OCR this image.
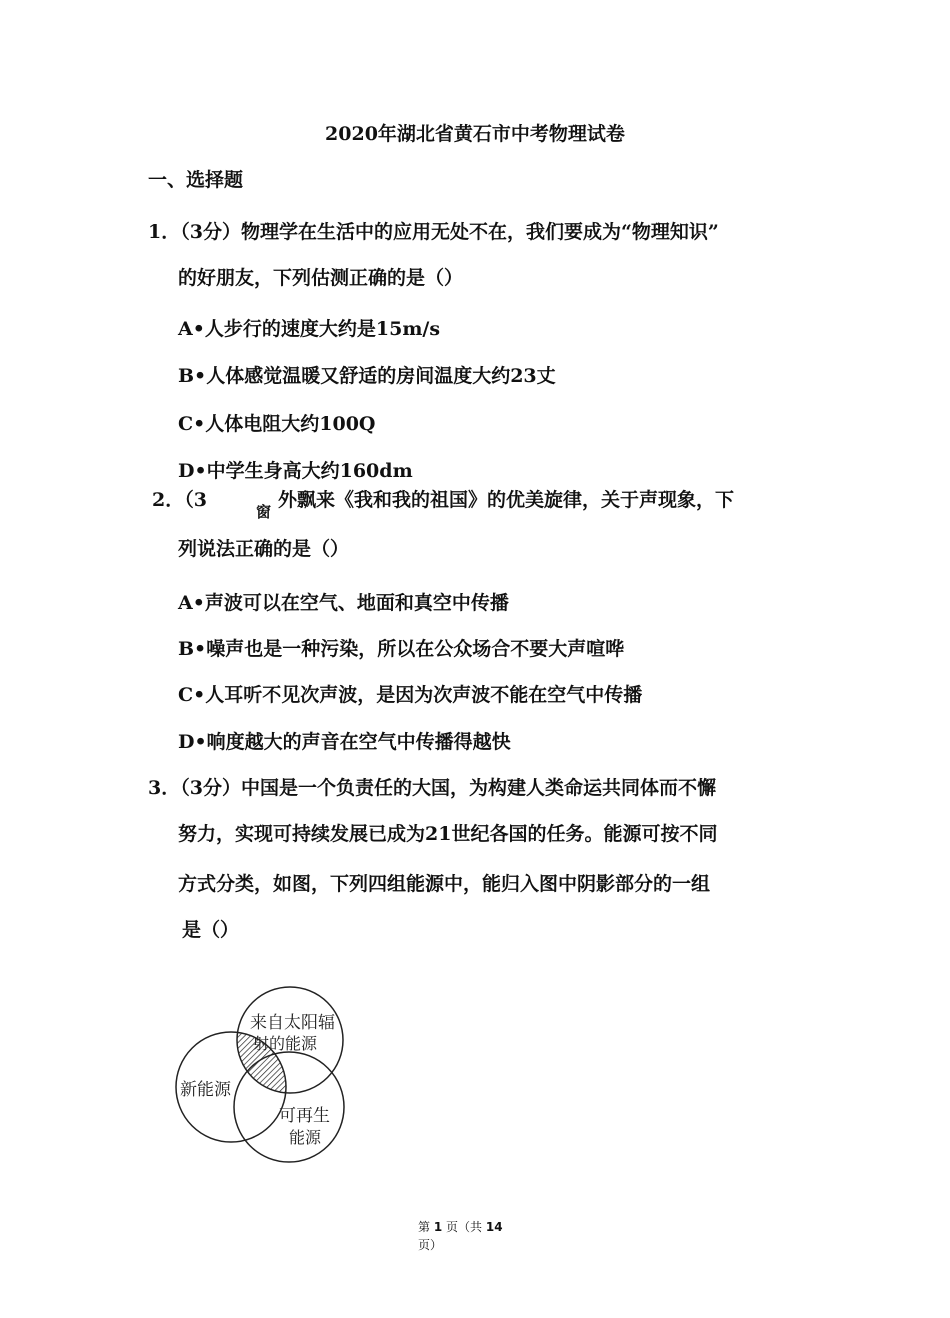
2020年湖北省黄石市中考物理试卷
一、选择题
1．（3分）物理学在生活中的应用无处不在，我们要成为“物理知识”
的好朋友，下列估测正确的是（）
A•人步行的速度大约是15m/s
B•人体感觉温暖又舒适的房间温度大约23丈
C•人体电阻大约100Q
D•中学生身高大约160dm
2．（3
窗
外飘来《我和我的祖国》的优美旋律，关于声现象，下
列说法正确的是（）
A•声波可以在空气、地面和真空中传播
B•噪声也是一种污染，所以在公众场合不要大声喧哗
C•人耳听不见次声波，是因为次声波不能在空气中传播
D•响度越大的声音在空气中传播得越快
3．（3分）中国是一个负责任的大国，为构建人类命运共同体而不懈
努力，实现可持续发展已成为21世纪各国的任务。能源可按不同
方式分类，如图，下列四组能源中，能归入图中阴影部分的一组
是（）
来自太阳辐
射的能源
新能源
可再生
能源
第 1 页（共 14
页）
